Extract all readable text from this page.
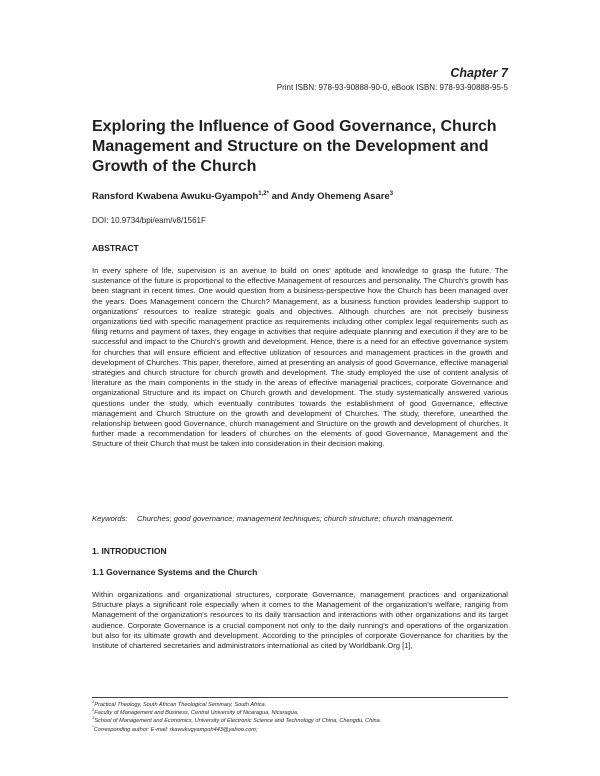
Chapter 7
Print ISBN: 978-93-90888-90-0, eBook ISBN: 978-93-90888-95-5
Exploring the Influence of Good Governance, Church Management and Structure on the Development and Growth of the Church
Ransford Kwabena Awuku-Gyampoh$^{1,2*}$ and Andy Ohemeng Asare$^3$
DOI: 10.9734/bpi/eam/v8/1561F
ABSTRACT

In every sphere of life, supervision is an avenue to build on ones' aptitude and knowledge to grasp the future. The sustenance of the future is proportional to the effective Management of resources and personality. The Church's growth has been stagnant in recent times. One would question from a business-perspective how the Church has been managed over the years. Does Management concern the Church? Management, as a business function provides leadership support to organizations' resources to realize strategic goals and objectives. Although churches are not precisely business organizations tied with specific management practice as requirements including other complex legal requirements such as filing returns and payment of taxes, they engage in activities that require adequate planning and execution if they are to be successful and impact to the Church's growth and development. Hence, there is a need for an effective governance system for churches that will ensure efficient and effective utilization of resources and management practices in the growth and development of Churches. This paper, therefore, aimed at presenting an analysis of good Governance, effective managerial strategies and church structure for church growth and development. The study employed the use of content analysis of literature as the main components in the study in the areas of effective managerial practices, corporate Governance and organizational Structure and its impact on Church growth and development. The study systematically answered various questions under the study, which eventually contributes towards the establishment of good Governance, effective management and Church Structure on the growth and development of Churches. The study, therefore, unearthed the relationship between good Governance, church management and Structure on the growth and development of churches. It further made a recommendation for leaders of churches on the elements of good Governance, Management and the Structure of their Church that must be taken into consideration in their decision making.

Keywords:	Churches; good governance; management techniques; church structure; church management.
1. INTRODUCTION
1.1 Governance Systems and the Church

Within organizations and organizational structures, corporate Governance, management practices and organizational Structure plays a significant role especially when it comes to the Management of the organization's welfare, ranging from Management of the organization's resources to its daily transaction and interactions with other organizations and its target audience. Corporate Governance is a crucial component not only to the daily running's and operations of the organization but also for its ultimate growth and development. According to the principles of corporate Governance for charities by the Institute of chartered secretaries and administrators international as cited by Worldbank.Org [1],

$^1$Practical Theology, South African Theological Seminary, South Africa.
$^2$Faculty of Management and Business, Central University of Nicaragua, Nicaragua.
$^3$School of Management and Economics, University of Electronic Science and Technology of China, Chengdu, China.
*Corresponding author: E-mail: rkawukugyampoh443@yahoo.com;
